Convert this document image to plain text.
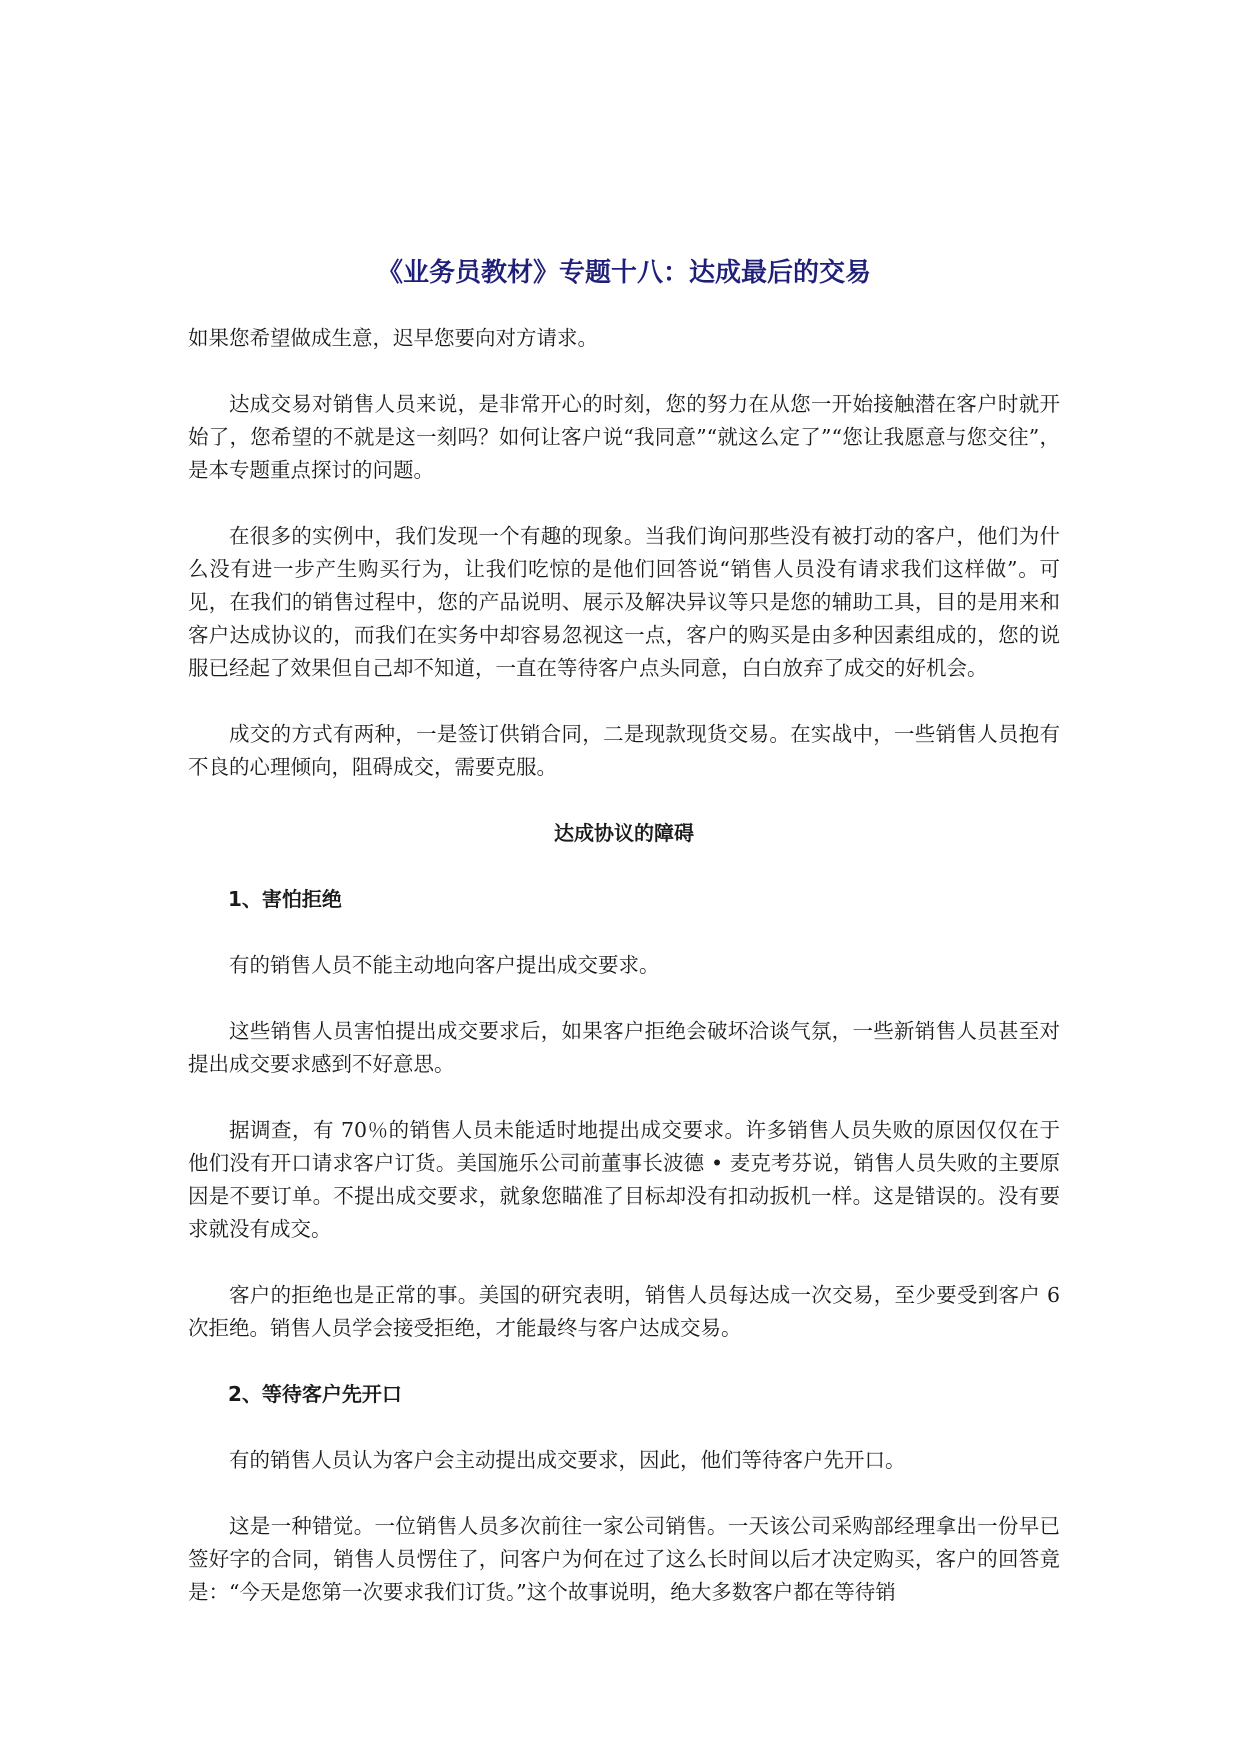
《业务员教材》专题十八：达成最后的交易

如果您希望做成生意，迟早您要向对方请求。

达成交易对销售人员来说，是非常开心的时刻，您的努力在从您一开始接触潜在客户时就开始了，您希望的不就是这一刻吗？如何让客户说“我同意”“就这么定了”“您让我愿意与您交往”，是本专题重点探讨的问题。

在很多的实例中，我们发现一个有趣的现象。当我们询问那些没有被打动的客户，他们为什么没有进一步产生购买行为，让我们吃惊的是他们回答说“销售人员没有请求我们这样做”。可见，在我们的销售过程中，您的产品说明、展示及解决异议等只是您的辅助工具，目的是用来和客户达成协议的，而我们在实务中却容易忽视这一点，客户的购买是由多种因素组成的，您的说服已经起了效果但自己却不知道，一直在等待客户点头同意，白白放弃了成交的好机会。

成交的方式有两种，一是签订供销合同，二是现款现货交易。在实战中，一些销售人员抱有不良的心理倾向，阻碍成交，需要克服。

达成协议的障碍
1、害怕拒绝

有的销售人员不能主动地向客户提出成交要求。

这些销售人员害怕提出成交要求后，如果客户拒绝会破坏洽谈气氛，一些新销售人员甚至对提出成交要求感到不好意思。

据调查，有 70％的销售人员未能适时地提出成交要求。许多销售人员失败的原因仅仅在于他们没有开口请求客户订货。美国施乐公司前董事长波德 • 麦克考芬说，销售人员失败的主要原因是不要订单。不提出成交要求，就象您瞄准了目标却没有扣动扳机一样。这是错误的。没有要求就没有成交。

客户的拒绝也是正常的事。美国的研究表明，销售人员每达成一次交易，至少要受到客户 6 次拒绝。销售人员学会接受拒绝，才能最终与客户达成交易。

2、等待客户先开口

有的销售人员认为客户会主动提出成交要求，因此，他们等待客户先开口。

这是一种错觉。一位销售人员多次前往一家公司销售。一天该公司采购部经理拿出一份早已签好字的合同，销售人员愣住了，问客户为何在过了这么长时间以后才决定购买，客户的回答竟是：“今天是您第一次要求我们订货。”这个故事说明，绝大多数客户都在等待销
